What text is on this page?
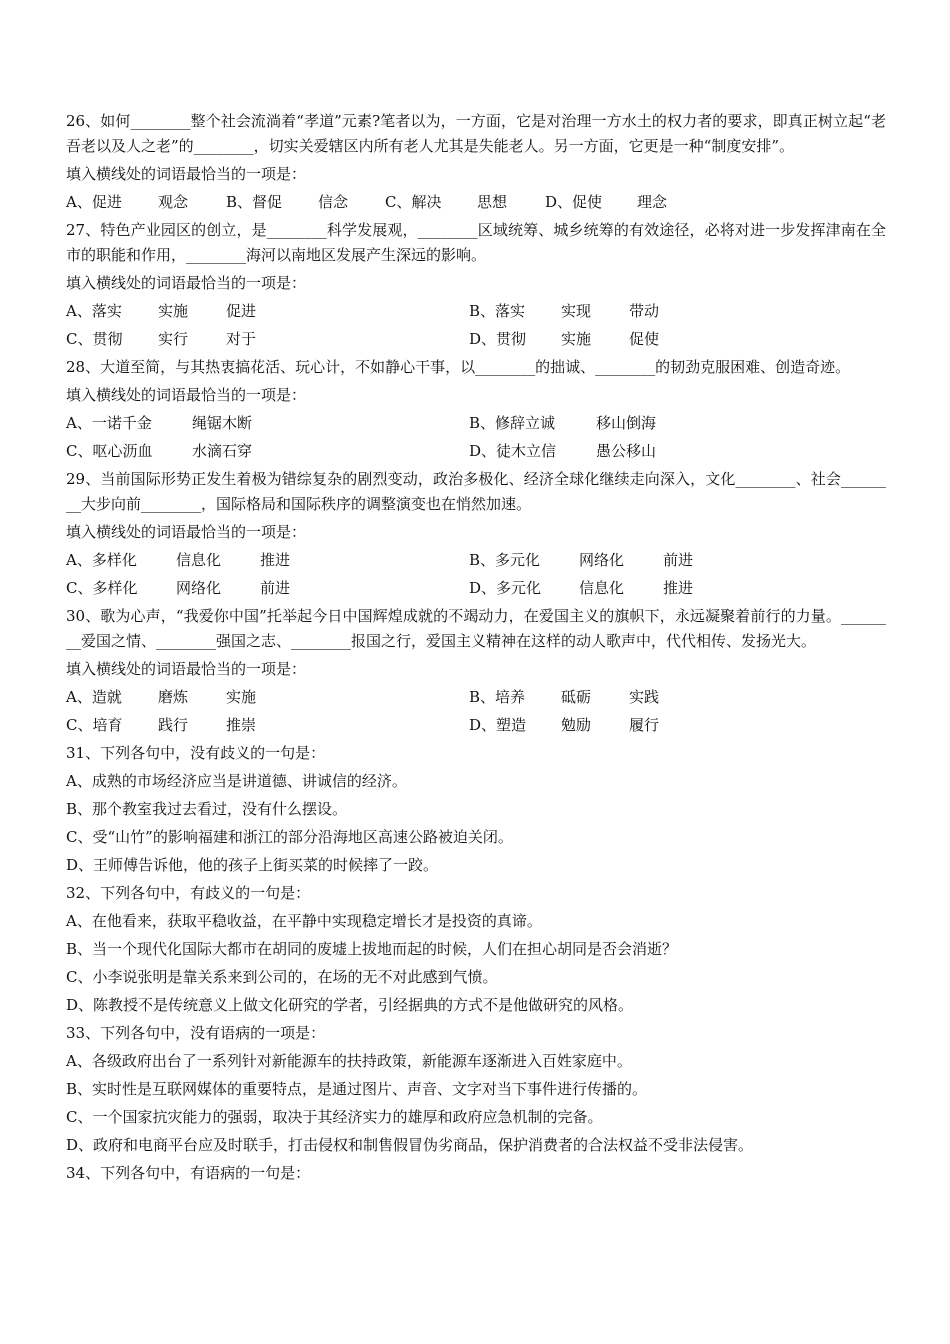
26、如何________整个社会流淌着“孝道”元素?笔者以为，一方面，它是对治理一方水土的权力者的要求，即真正树立起“老吾老以及人之老”的________，切实关爱辖区内所有老人尤其是失能老人。另一方面，它更是一种“制度安排”。

填入横线处的词语最恰当的一项是：

A、促进 观念	B、督促 信念 C、解决 思想	D、促使 理念

27、特色产业园区的创立，是________科学发展观，________区域统筹、城乡统筹的有效途径，必将对进一步发挥津南在全市的职能和作用，________海河以南地区发展产生深远的影响。

填入横线处的词语最恰当的一项是：

A、落实 实施	促进	B、落实 实现	带动
C、贯彻 实行	对于	D、贯彻 实施	促使

28、大道至简，与其热衷搞花活、玩心计，不如静心干事，以________的拙诚、________的韧劲克服困难、创造奇迹。

填入横线处的词语最恰当的一项是：

A、一诺千金	绳锯木断	B、修辞立诚	移山倒海
C、呕心沥血	水滴石穿	D、徒木立信	愚公移山

29、当前国际形势正发生着极为错综复杂的剧烈变动，政治多极化、经济全球化继续走向深入，文化________、社会________大步向前________，国际格局和国际秩序的调整演变也在悄然加速。

填入横线处的词语最恰当的一项是：

A、多样化	信息化	推进	B、多元化	网络化	前进
C、多样化	网络化	前进	D、多元化	信息化	推进

30、歌为心声，“我爱你中国”托举起今日中国辉煌成就的不竭动力，在爱国主义的旗帜下，永远凝聚着前行的力量。________爱国之情、________强国之志、________报国之行，爱国主义精神在这样的动人歌声中，代代相传、发扬光大。

填入横线处的词语最恰当的一项是：

A、造就 磨炼	实施	B、培养 砥砺	实践
C、培育 践行	推崇	D、塑造 勉励	履行

31、下列各句中，没有歧义的一句是：

A、成熟的市场经济应当是讲道德、讲诚信的经济。

B、那个教室我过去看过，没有什么摆设。

C、受“山竹”的影响福建和浙江的部分沿海地区高速公路被迫关闭。

D、王师傅告诉他，他的孩子上街买菜的时候摔了一跤。

32、下列各句中，有歧义的一句是：

A、在他看来，获取平稳收益，在平静中实现稳定增长才是投资的真谛。

B、当一个现代化国际大都市在胡同的废墟上拔地而起的时候，人们在担心胡同是否会消逝？

C、小李说张明是靠关系来到公司的，在场的无不对此感到气愤。

D、陈教授不是传统意义上做文化研究的学者，引经据典的方式不是他做研究的风格。

33、下列各句中，没有语病的一项是：

A、各级政府出台了一系列针对新能源车的扶持政策，新能源车逐渐进入百姓家庭中。

B、实时性是互联网媒体的重要特点，是通过图片、声音、文字对当下事件进行传播的。

C、一个国家抗灾能力的强弱，取决于其经济实力的雄厚和政府应急机制的完备。

D、政府和电商平台应及时联手，打击侵权和制售假冒伪劣商品，保护消费者的合法权益不受非法侵害。

34、下列各句中，有语病的一句是：
